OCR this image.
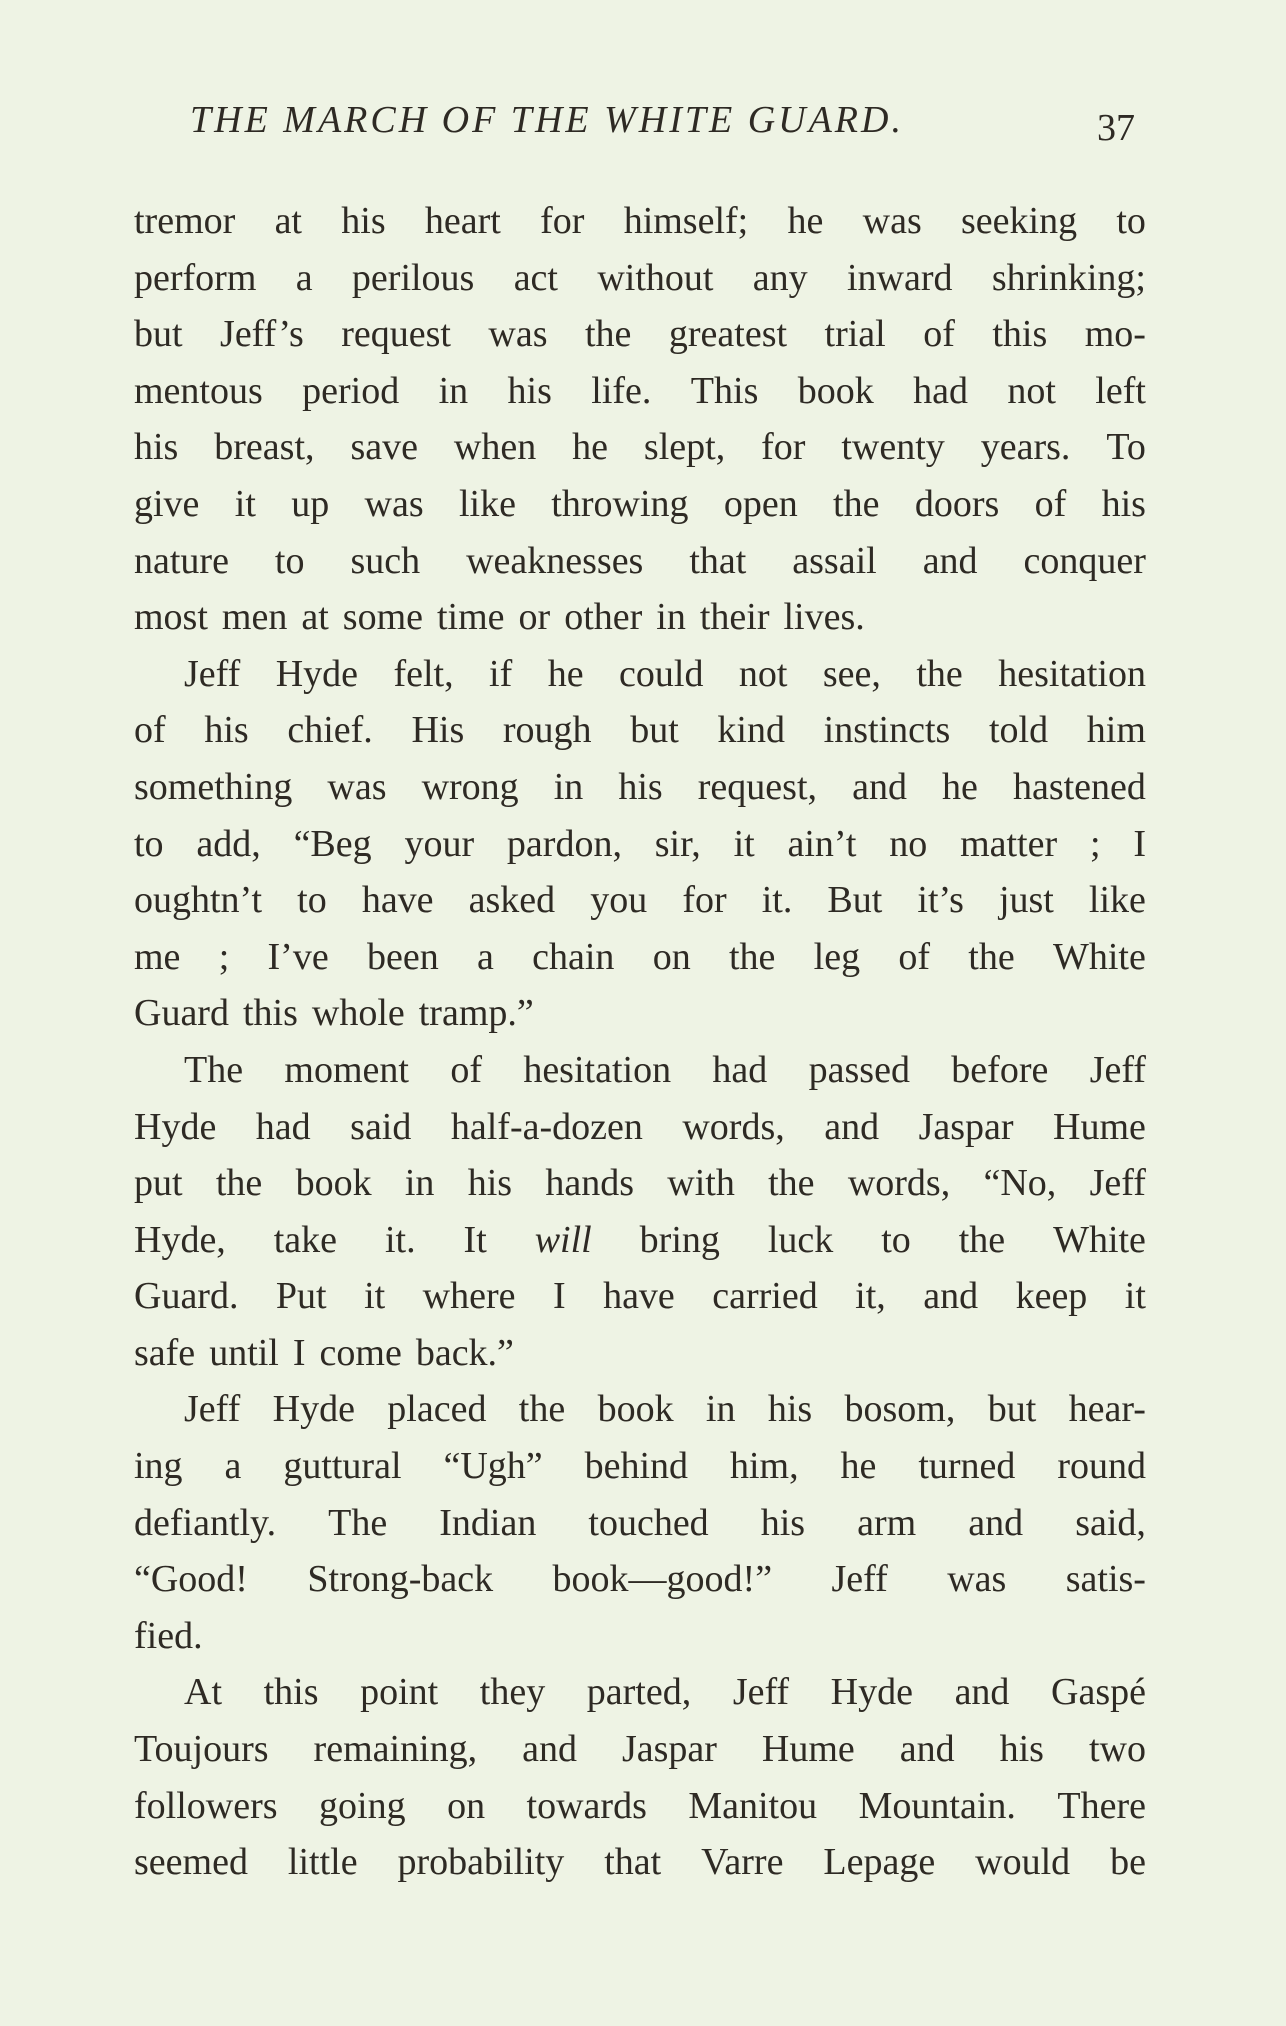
THE MARCH OF THE WHITE GUARD.	37
tremor at his heart for himself; he was seeking to
perform a perilous act without any inward shrinking;
but Jeff’s request was the greatest trial of this mo-
mentous period in his life. This book had not left
his breast, save when he slept, for twenty years. To
give it up was like throwing open the doors of his
nature to such weaknesses that assail and conquer
most men at some time or other in their lives.
Jeff Hyde felt, if he could not see, the hesitation
of his chief. His rough but kind instincts told him
something was wrong in his request, and he hastened
to add, “Beg your pardon, sir, it ain’t no matter ; I
oughtn’t to have asked you for it. But it’s just like
me ; I’ve been a chain on the leg of the White
Guard this whole tramp.”
The moment of hesitation had passed before Jeff
Hyde had said half-a-dozen words, and Jaspar Hume
put the book in his hands with the words, “No, Jeff
Hyde, take it. It will bring luck to the White
Guard. Put it where I have carried it, and keep it
safe until I come back.”
Jeff Hyde placed the book in his bosom, but hear-
ing a guttural “Ugh” behind him, he turned round
defiantly. The Indian touched his arm and said,
“Good! Strong-back book—good!” Jeff was satis-
fied.
At this point they parted, Jeff Hyde and Gaspé
Toujours remaining, and Jaspar Hume and his two
followers going on towards Manitou Mountain. There
seemed little probability that Varre Lepage would be
